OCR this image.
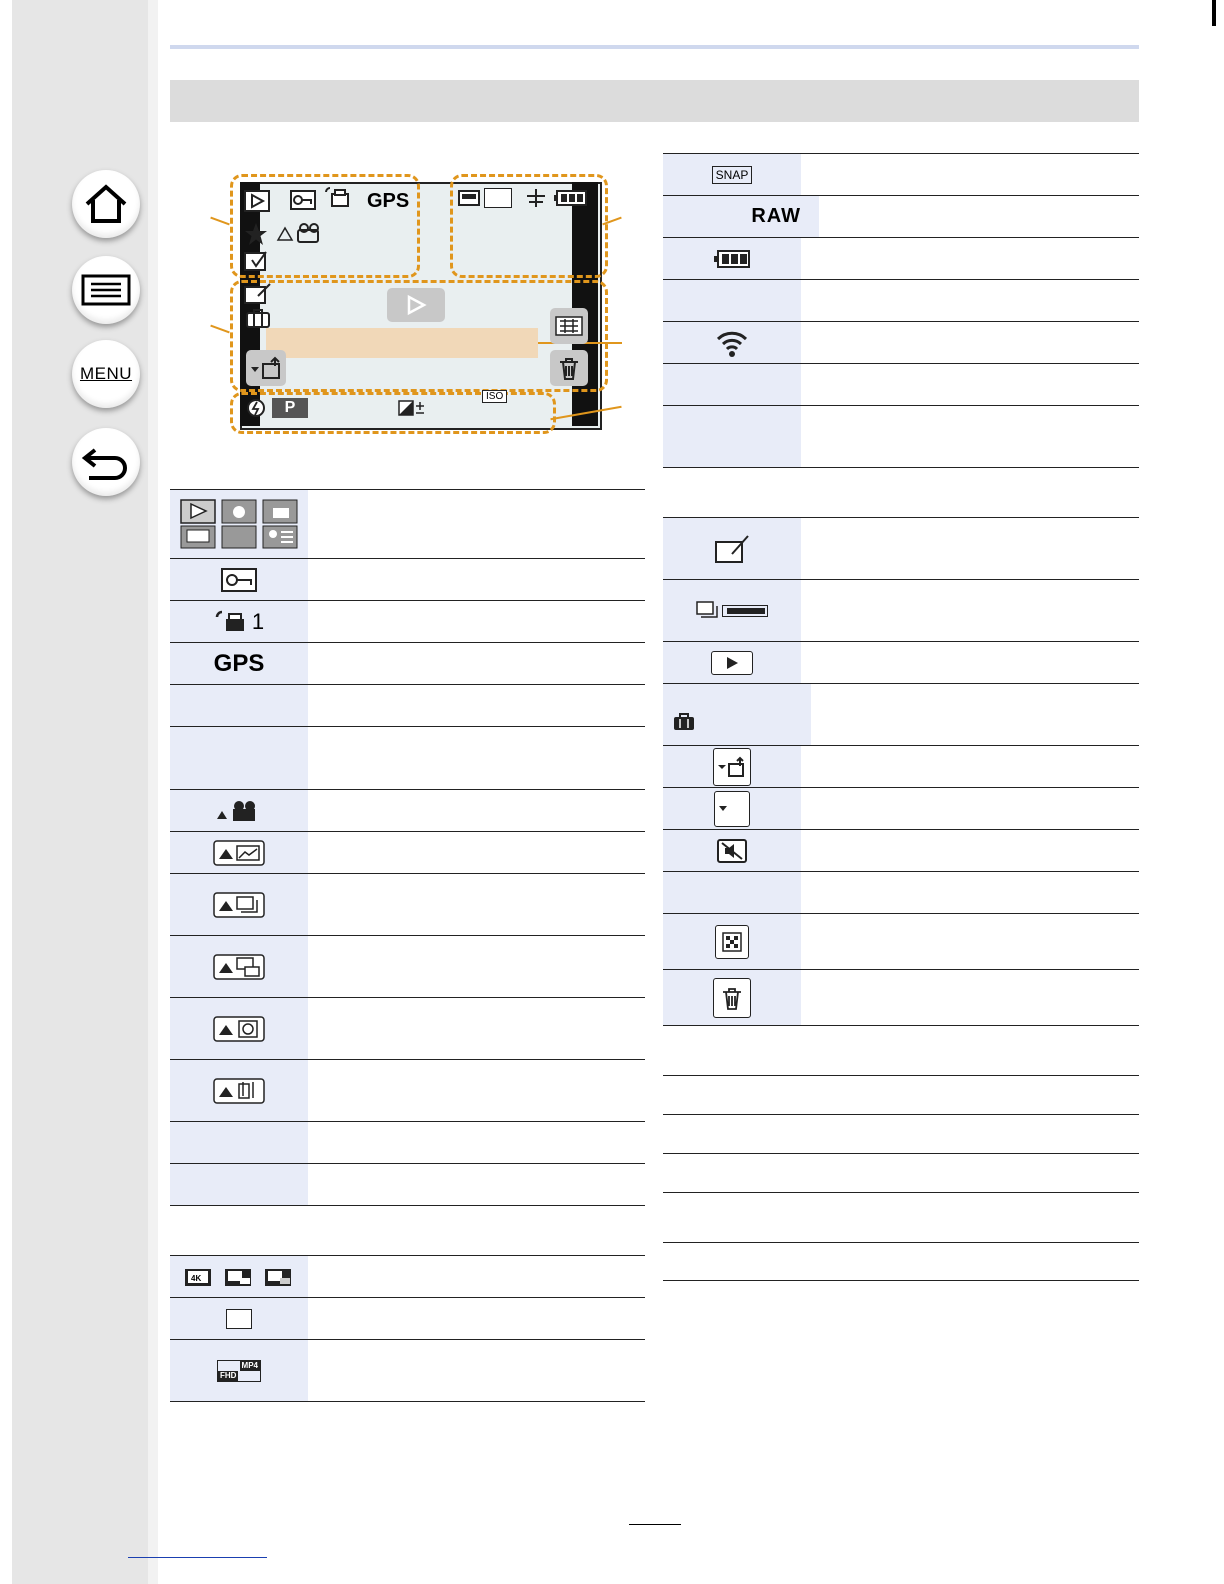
MENU
GPS
P
ISO
1
GPS
4K
MP4
FHD
SNAP
RAW
